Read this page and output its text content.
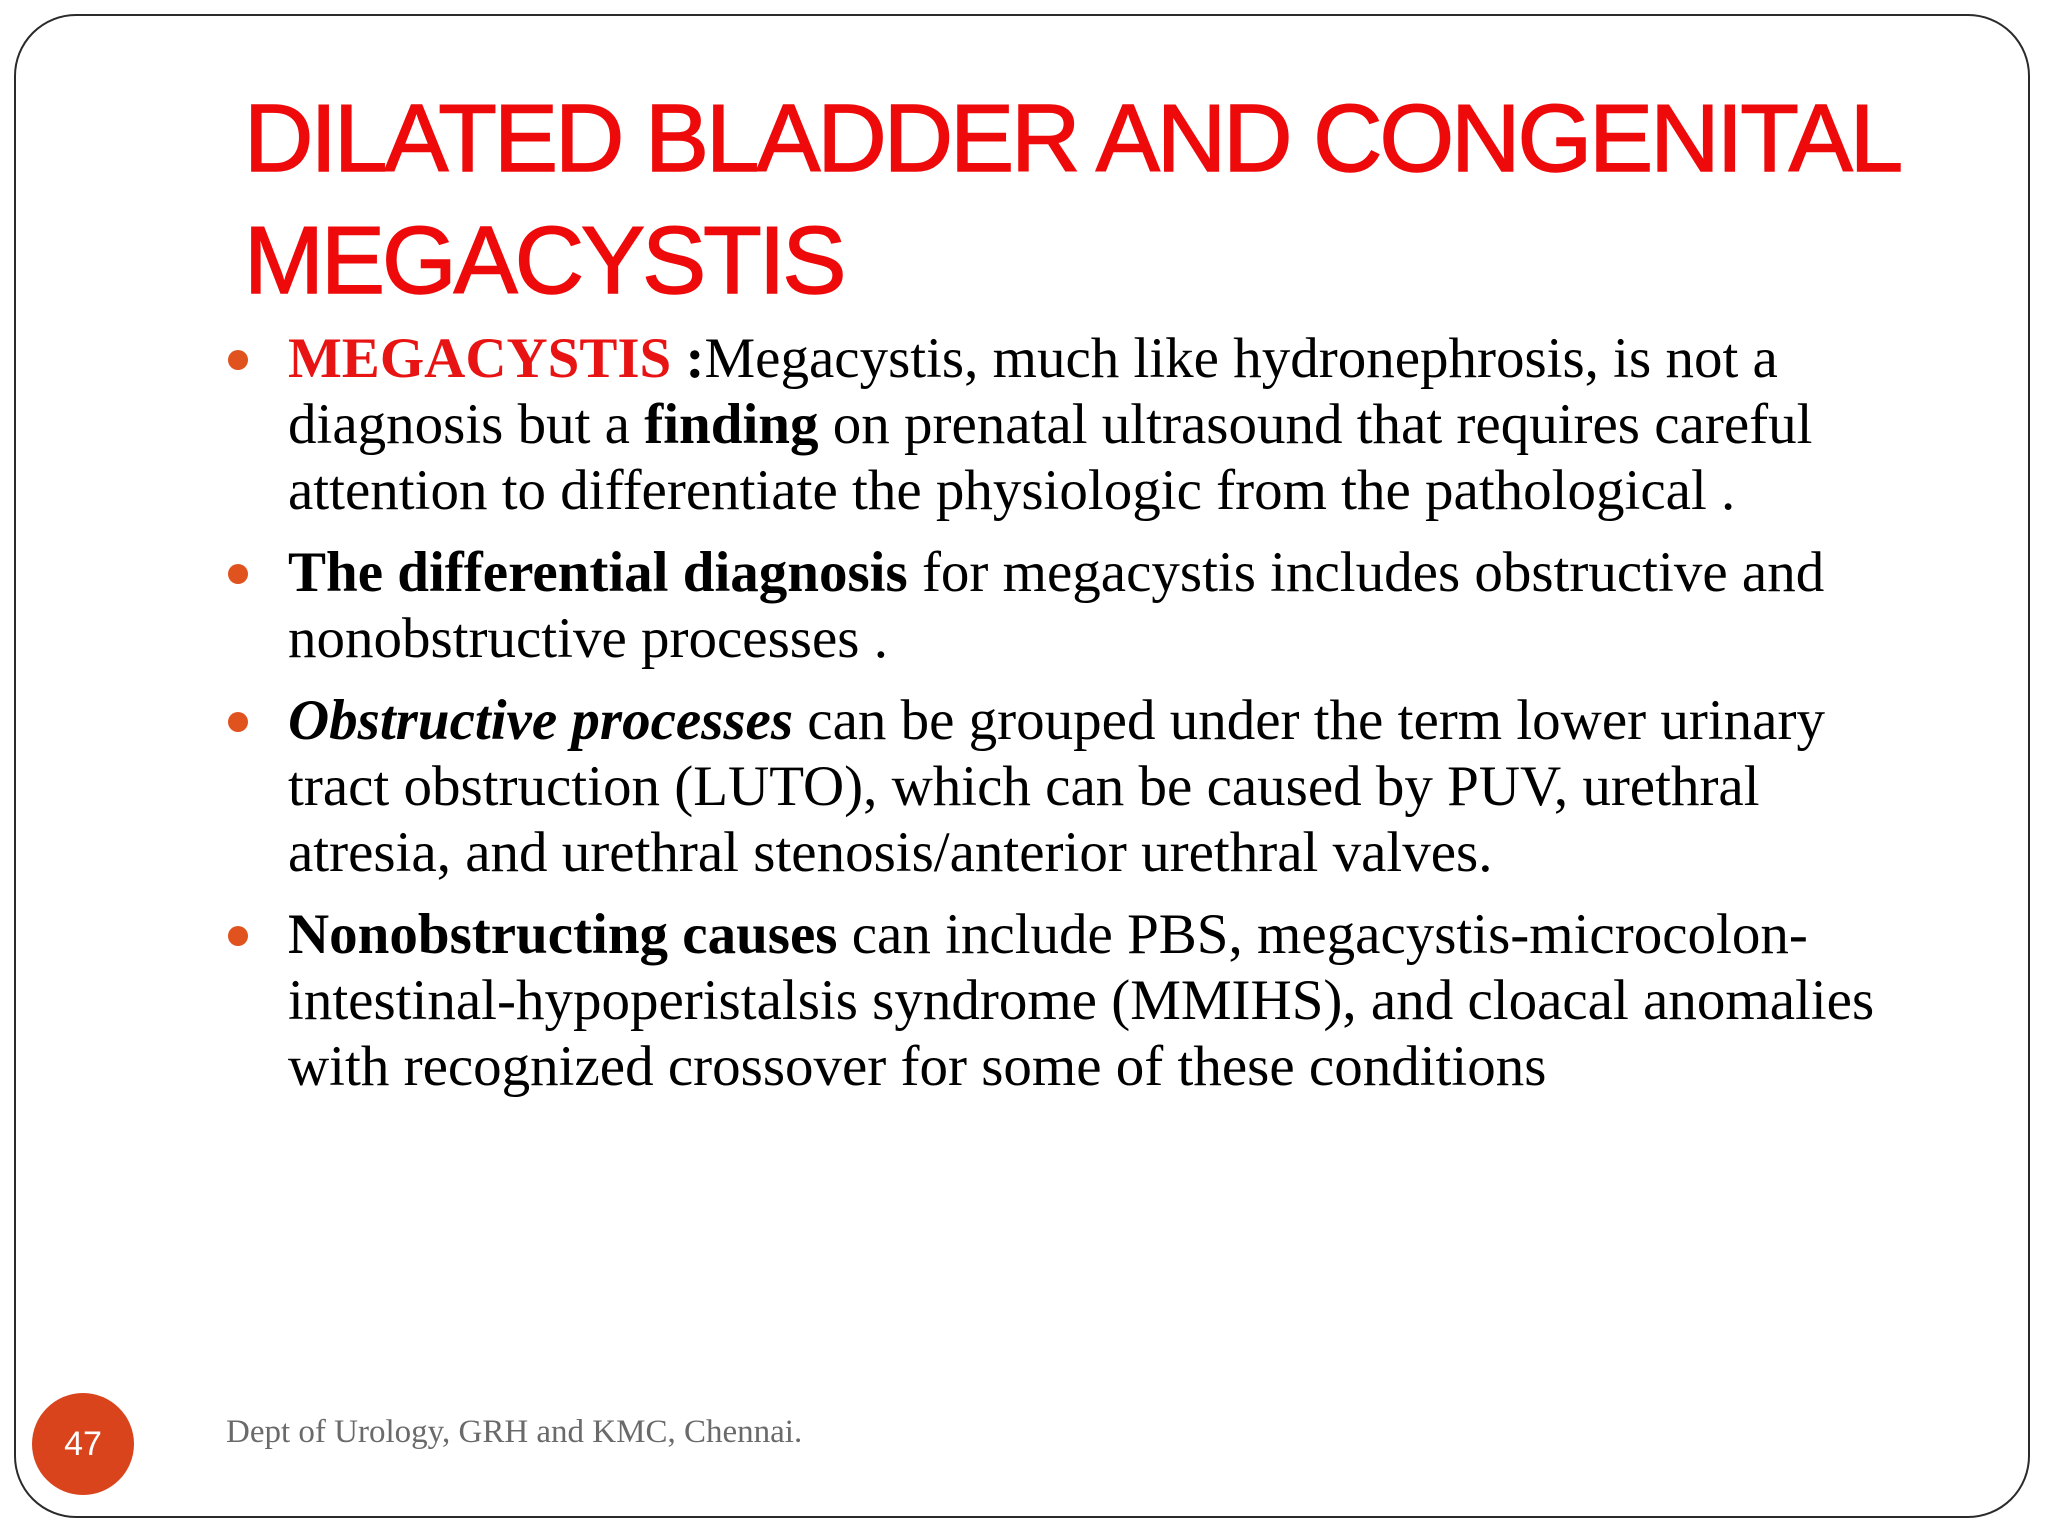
DILATED BLADDER AND CONGENITAL
MEGACYSTIS
MEGACYSTIS :Megacystis, much like hydronephrosis, is not a diagnosis but a finding on prenatal ultrasound that requires careful attention to differentiate the physiologic from the pathological .
The differential diagnosis for megacystis includes obstructive and nonobstructive processes .
Obstructive processes can be grouped under the term lower urinary tract obstruction (LUTO), which can be caused by PUV, urethral atresia, and urethral stenosis/anterior urethral valves.
Nonobstructing causes can include PBS, megacystis-microcolon-intestinal-hypoperistalsis syndrome (MMIHS), and cloacal anomalies with recognized crossover for some of these conditions
47	Dept of Urology, GRH and KMC, Chennai.
